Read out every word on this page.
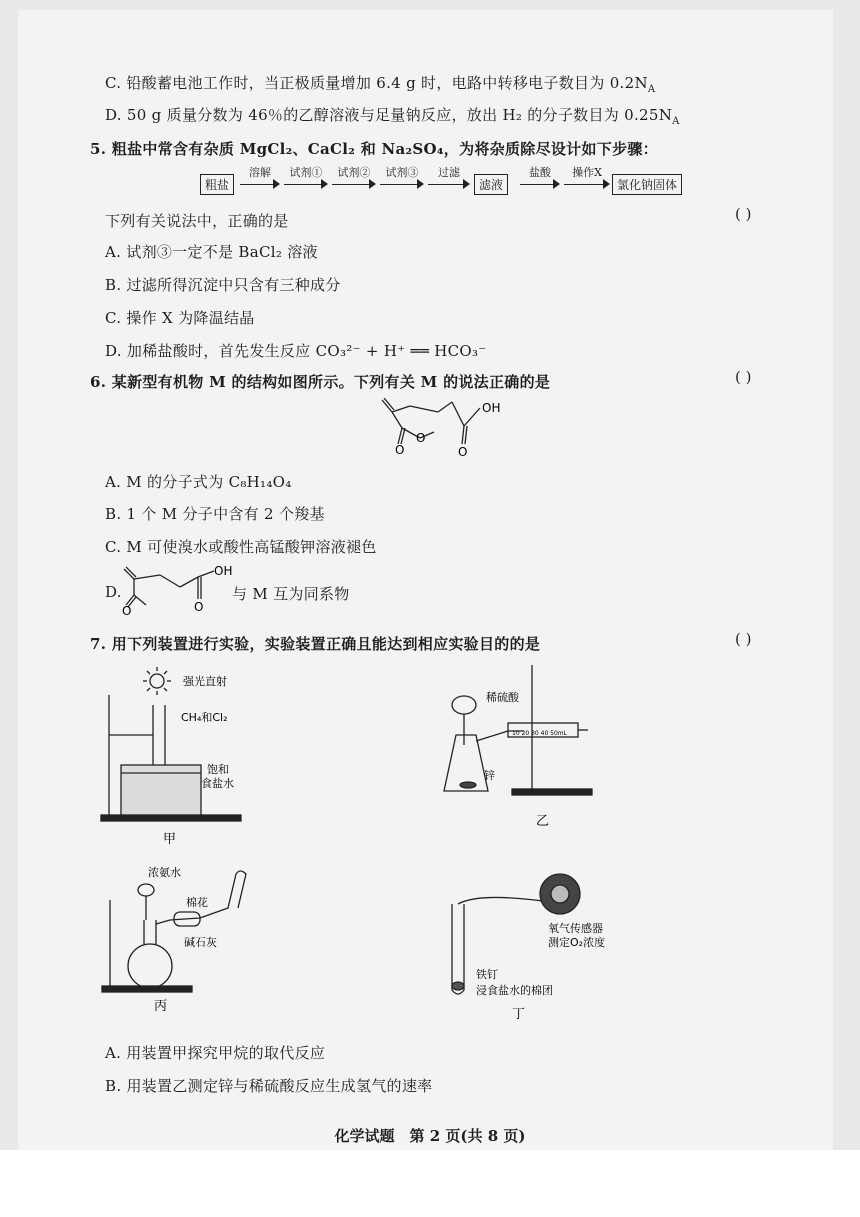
C. 铅酸蓄电池工作时，当正极质量增加 6.4 g 时，电路中转移电子数目为 $0.2N_A$
D. 50 g 质量分数为 46％的乙醇溶液与足量钠反应，放出 H₂ 的分子数目为 $0.25N_A$
5. 粗盐中常含有杂质 MgCl₂、CaCl₂ 和 Na₂SO₄，为将杂质除尽设计如下步骤：
粗盐
溶解	试剂①	试剂②	试剂③	过滤
滤液
盐酸	操作X
氯化钠固体
下列有关说法中，正确的是	( )
A. 试剂③一定不是 BaCl₂ 溶液
B. 过滤所得沉淀中只含有三种成分
C. 操作 X 为降温结晶
D. 加稀盐酸时，首先发生反应 CO₃²⁻ + H⁺ ══ HCO₃⁻
6. 某新型有机物 M 的结构如图所示。下列有关 M 的说法正确的是	( )
OH
O	O
O
A. M 的分子式为 C₈H₁₄O₄
B. 1 个 M 分子中含有 2 个羧基
C. M 可使溴水或酸性高锰酸钾溶液褪色
D.
O	O
OH
与 M 互为同系物
7. 用下列装置进行实验，实验装置正确且能达到相应实验目的的是	( )
强光直射
CH₄和Cl₂
饱和
食盐水
甲
稀硫酸
10 20 30 40 50mL
锌
乙
浓氨水
棉花
碱石灰
丙
氧气传感器
测定O₂浓度
铁钉
浸食盐水的棉团
丁
A. 用装置甲探究甲烷的取代反应
B. 用装置乙测定锌与稀硫酸反应生成氢气的速率
化学试题　第 2 页(共 8 页)
